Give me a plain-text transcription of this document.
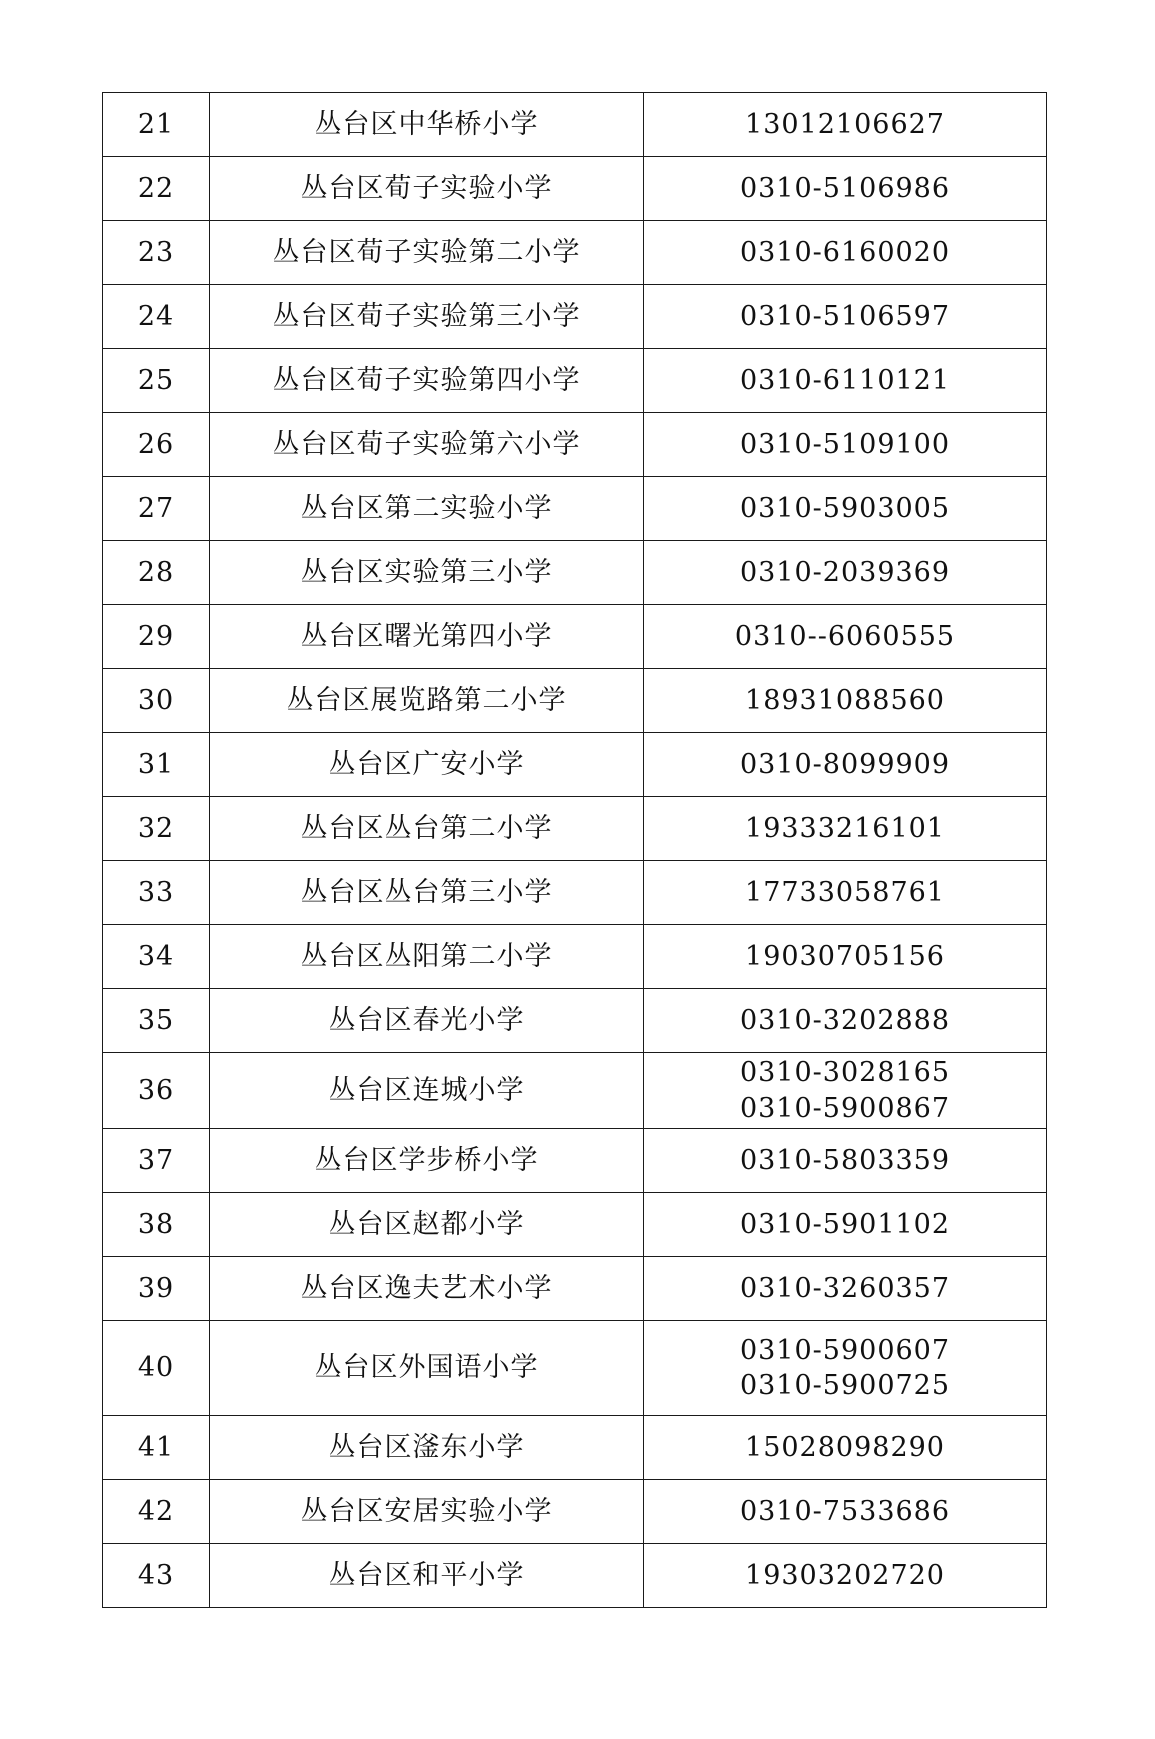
21	丛台区中华桥小学	13012106627

22	丛台区荀子实验小学	0310-5106986

23	丛台区荀子实验第二小学	0310-6160020

24	丛台区荀子实验第三小学	0310-5106597

25	丛台区荀子实验第四小学	0310-6110121

26	丛台区荀子实验第六小学	0310-5109100

27	丛台区第二实验小学	0310-5903005

28	丛台区实验第三小学	0310-2039369

29	丛台区曙光第四小学	0310--6060555

30	丛台区展览路第二小学	18931088560

31	丛台区广安小学	0310-8099909

32	丛台区丛台第二小学	19333216101

33	丛台区丛台第三小学	17733058761

34	丛台区丛阳第二小学	19030705156

35	丛台区春光小学	0310-3202888

36	丛台区连城小学	0310-3028165
0310-5900867

37	丛台区学步桥小学	0310-5803359

38	丛台区赵都小学	0310-5901102

39	丛台区逸夫艺术小学	0310-3260357

40	丛台区外国语小学	0310-5900607
0310-5900725

41	丛台区滏东小学	15028098290

42	丛台区安居实验小学	0310-7533686

43	丛台区和平小学	19303202720
